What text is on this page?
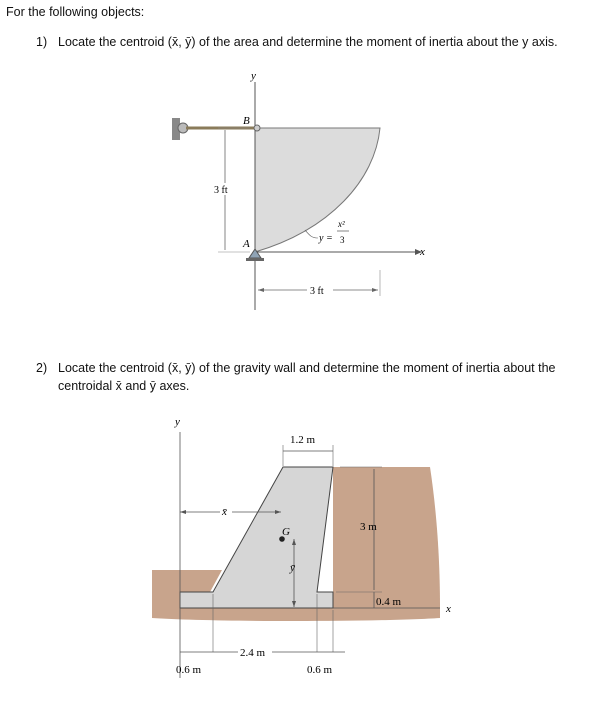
For the following objects:
1) Locate the centroid (x̄, ȳ) of the area and determine the moment of inertia about the y axis.
2) Locate the centroid (x̄, ȳ) of the gravity wall and determine the moment of inertia about the
centroidal x̄ and ȳ axes.
y
x
B
A
3 ft
3 ft
y =
x²
3
y
x
x̄
ȳ
G
1.2 m
3 m
0.4 m
2.4 m
0.6 m	0.6 m
